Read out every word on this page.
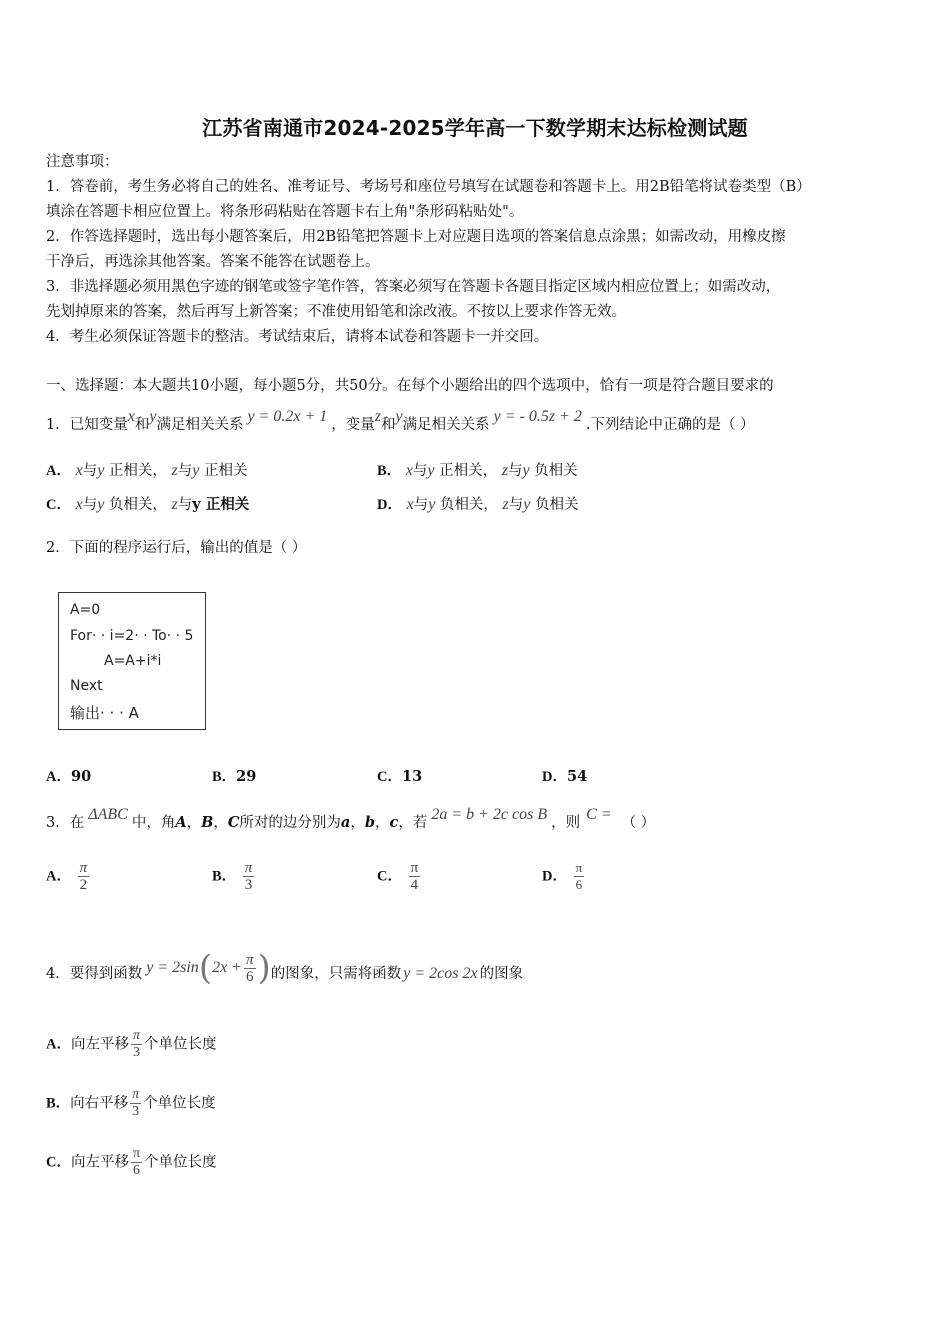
江苏省南通市2024-2025学年高一下数学期末达标检测试题
注意事项：
1．答卷前，考生务必将自己的姓名、准考证号、考场号和座位号填写在试题卷和答题卡上。用2B铅笔将试卷类型（B）
填涂在答题卡相应位置上。将条形码粘贴在答题卡右上角"条形码粘贴处"。
2．作答选择题时，选出每小题答案后，用2B铅笔把答题卡上对应题目选项的答案信息点涂黑；如需改动，用橡皮擦
干净后，再选涂其他答案。答案不能答在试题卷上。
3．非选择题必须用黑色字迹的钢笔或签字笔作答，答案必须写在答题卡各题目指定区域内相应位置上；如需改动，
先划掉原来的答案，然后再写上新答案；不准使用铅笔和涂改液。不按以上要求作答无效。
4．考生必须保证答题卡的整洁。考试结束后，请将本试卷和答题卡一并交回。
一、选择题：本大题共10小题，每小题5分，共50分。在每个小题给出的四个选项中，恰有一项是符合题目要求的
1．已知变量x和y满足相关关系 y = 0.2x + 1 ，变量z和y满足相关关系 y = - 0.5z + 2 .下列结论中正确的是（ ）
A． x与y 正相关， z与y 正相关	B． x与y 正相关， z与y 负相关
C． x与y 负相关， z与y 正相关	D． x与y 负相关， z与y 负相关
2．下面的程序运行后，输出的值是（ ）
A=0
For· · i=2· · To· · 5
A=A+i*i
Next
输出· · · A
A．90	B．29	C．13	D．54
3．在 ΔABC 中，角A，B，C所对的边分别为a，b，c，若 2a = b + 2c cos B ，则 C = （ ）
A． $\frac{\pi}{2}$	B． $\frac{\pi}{3}$	C． $\frac{\pi}{4}$	D． $\frac{\pi}{6}$
4．要得到函数 $y = 2\sin(2x + \frac{\pi}{6}$ )的图象，只需将函数 y = 2cos 2x 的图象
A．向左平移 $\frac{\pi}{3}$ 个单位长度
B．向右平移 $\frac{\pi}{3}$ 个单位长度
C．向左平移 $\frac{\pi}{6}$ 个单位长度
